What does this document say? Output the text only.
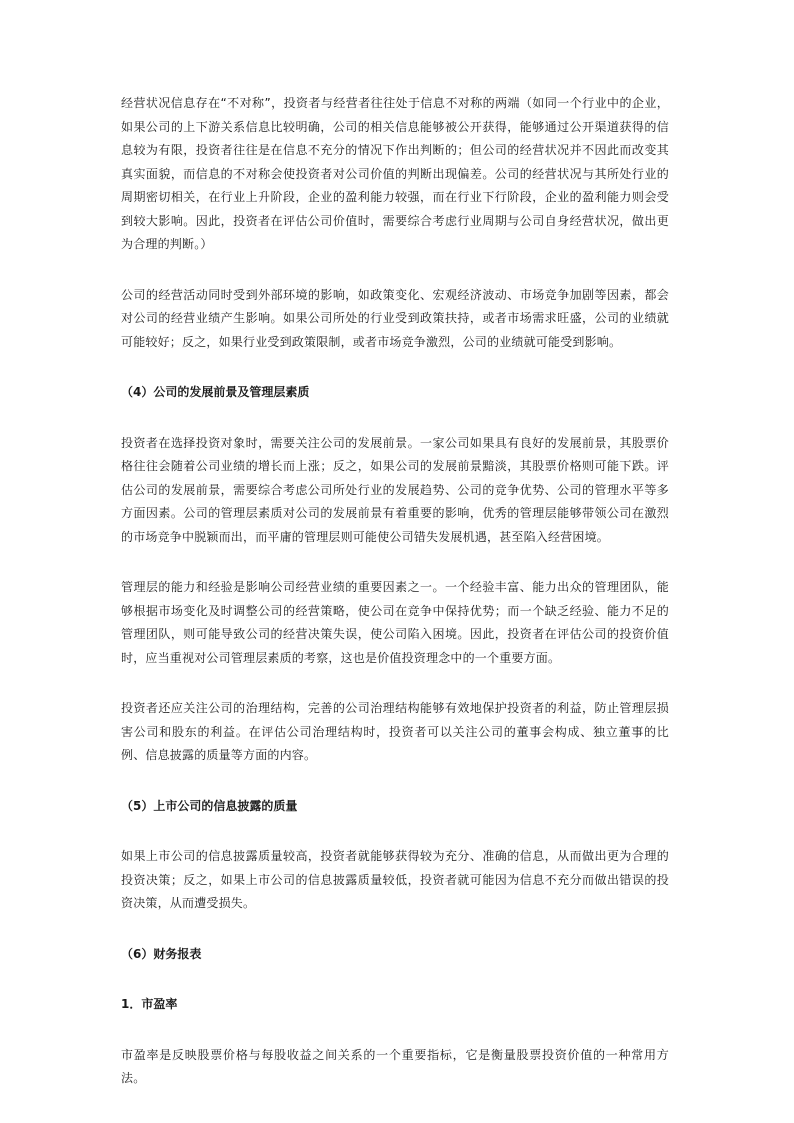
经营状况信息存在“不对称”，投资者与经营者往往处于信息不对称的两端（如同一个行业中的企业，如果公司的上下游关系信息比较明确，公司的相关信息能够被公开获得，能够通过公开渠道获得的信息较为有限，投资者往往是在信息不充分的情况下作出判断的；但公司的经营状况并不因此而改变其真实面貌，而信息的不对称会使投资者对公司价值的判断出现偏差。公司的经营状况与其所处行业的周期密切相关，在行业上升阶段，企业的盈利能力较强，而在行业下行阶段，企业的盈利能力则会受到较大影响。因此，投资者在评估公司价值时，需要综合考虑行业周期与公司自身经营状况，做出更为合理的判断。）

公司的经营活动同时受到外部环境的影响，如政策变化、宏观经济波动、市场竞争加剧等因素，都会对公司的经营业绩产生影响。如果公司所处的行业受到政策扶持，或者市场需求旺盛，公司的业绩就可能较好；反之，如果行业受到政策限制，或者市场竞争激烈，公司的业绩就可能受到影响。

（4）公司的发展前景及管理层素质

投资者在选择投资对象时，需要关注公司的发展前景。一家公司如果具有良好的发展前景，其股票价格往往会随着公司业绩的增长而上涨；反之，如果公司的发展前景黯淡，其股票价格则可能下跌。评估公司的发展前景，需要综合考虑公司所处行业的发展趋势、公司的竞争优势、公司的管理水平等多方面因素。公司的管理层素质对公司的发展前景有着重要的影响，优秀的管理层能够带领公司在激烈的市场竞争中脱颖而出，而平庸的管理层则可能使公司错失发展机遇，甚至陷入经营困境。

管理层的能力和经验是影响公司经营业绩的重要因素之一。一个经验丰富、能力出众的管理团队，能够根据市场变化及时调整公司的经营策略，使公司在竞争中保持优势；而一个缺乏经验、能力不足的管理团队，则可能导致公司的经营决策失误，使公司陷入困境。因此，投资者在评估公司的投资价值时，应当重视对公司管理层素质的考察，这也是价值投资理念中的一个重要方面。

投资者还应关注公司的治理结构，完善的公司治理结构能够有效地保护投资者的利益，防止管理层损害公司和股东的利益。在评估公司治理结构时，投资者可以关注公司的董事会构成、独立董事的比例、信息披露的质量等方面的内容。

（5）上市公司的信息披露的质量

如果上市公司的信息披露质量较高，投资者就能够获得较为充分、准确的信息，从而做出更为合理的投资决策；反之，如果上市公司的信息披露质量较低，投资者就可能因为信息不充分而做出错误的投资决策，从而遭受损失。

（6）财务报表

1．市盈率

市盈率是反映股票价格与每股收益之间关系的一个重要指标，它是衡量股票投资价值的一种常用方法。
